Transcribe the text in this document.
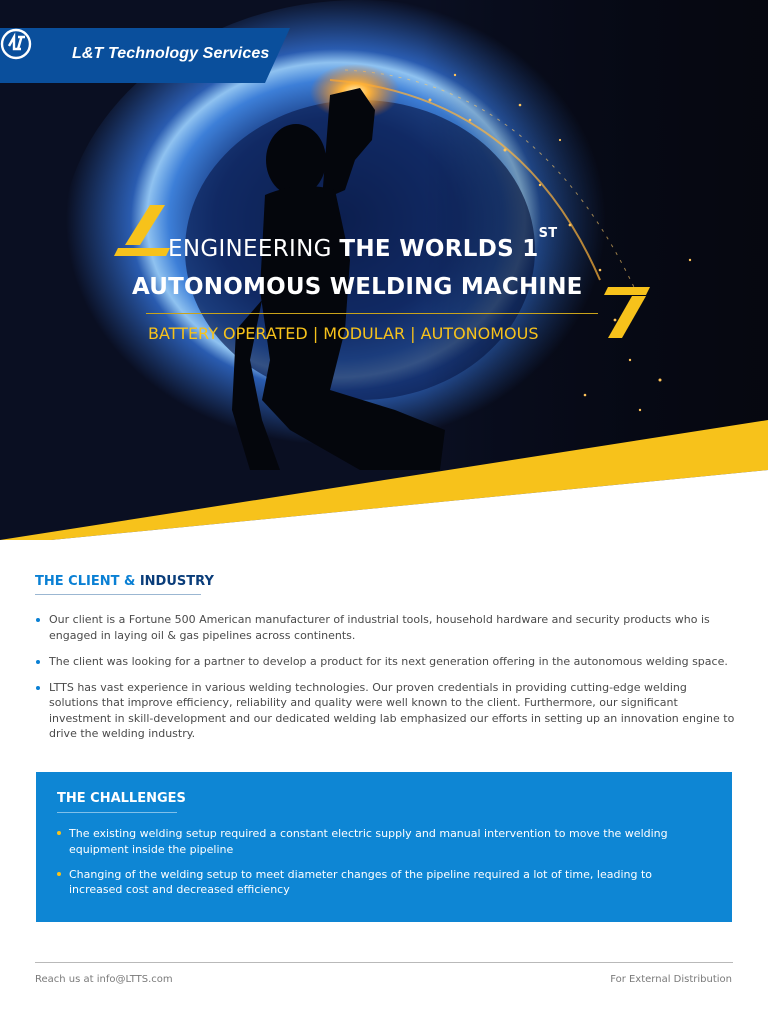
L&T Technology Services
ENGINEERING THE WORLDS 1ST
AUTONOMOUS WELDING MACHINE
BATTERY OPERATED | MODULAR | AUTONOMOUS
THE CLIENT & INDUSTRY
Our client is a Fortune 500 American manufacturer of industrial tools, household hardware and security products who is engaged in laying oil & gas pipelines across continents.
The client was looking for a partner to develop a product for its next generation offering in the autonomous welding space.
LTTS has vast experience in various welding technologies. Our proven credentials in providing cutting-edge welding solutions that improve efficiency, reliability and quality were well known to the client. Furthermore, our significant investment in skill-development and our dedicated welding lab emphasized our efforts in setting up an innovation engine to drive the welding industry.
THE CHALLENGES
The existing welding setup required a constant electric supply and manual intervention to move the welding equipment inside the pipeline
Changing of the welding setup to meet diameter changes of the pipeline required a lot of time, leading to increased cost and decreased efficiency
Reach us at info@LTTS.com	For External Distribution
